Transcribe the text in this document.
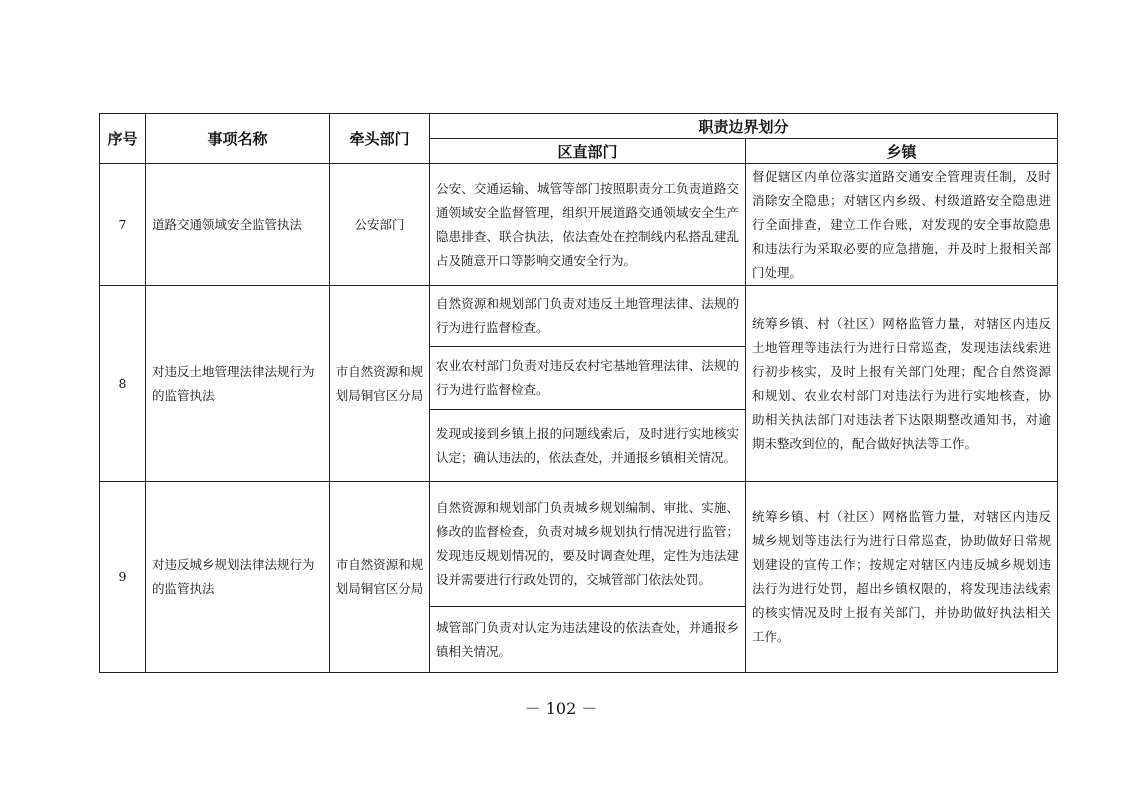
序号	事项名称	牵头部门	职责边界划分	
			区直部门	乡镇
7	道路交通领域安全监管执法	公安部门	公安、交通运输、城管等部门按照职责分工负责道路交通领域安全监督管理，组织开展道路交通领域安全生产隐患排查、联合执法，依法查处在控制线内私搭乱建乱占及随意开口等影响交通安全行为。	督促辖区内单位落实道路交通安全管理责任制，及时消除安全隐患；对辖区内乡级、村级道路安全隐患进行全面排查，建立工作台账，对发现的安全事故隐患和违法行为采取必要的应急措施，并及时上报相关部门处理。
8	对违反土地管理法律法规行为的监管执法	市自然资源和规划局铜官区分局	自然资源和规划部门负责对违反土地管理法律、法规的行为进行监督检查。	统筹乡镇、村（社区）网格监管力量，对辖区内违反土地管理等违法行为进行日常巡查，发现违法线索进行初步核实，及时上报有关部门处理；配合自然资源和规划、农业农村部门对违法行为进行实地核查，协助相关执法部门对违法者下达限期整改通知书，对逾期未整改到位的，配合做好执法等工作。
			农业农村部门负责对违反农村宅基地管理法律、法规的行为进行监督检查。	
			发现或接到乡镇上报的问题线索后，及时进行实地核实认定；确认违法的，依法查处，并通报乡镇相关情况。	
9	对违反城乡规划法律法规行为的监管执法	市自然资源和规划局铜官区分局	自然资源和规划部门负责城乡规划编制、审批、实施、修改的监督检查，负责对城乡规划执行情况进行监管；发现违反规划情况的，要及时调查处理，定性为违法建设并需要进行行政处罚的，交城管部门依法处罚。	统筹乡镇、村（社区）网格监管力量，对辖区内违反城乡规划等违法行为进行日常巡查，协助做好日常规划建设的宣传工作；按规定对辖区内违反城乡规划违法行为进行处罚，超出乡镇权限的，将发现违法线索的核实情况及时上报有关部门，并协助做好执法相关工作。
			城管部门负责对认定为违法建设的依法查处，并通报乡镇相关情况。	
－ 102 －
